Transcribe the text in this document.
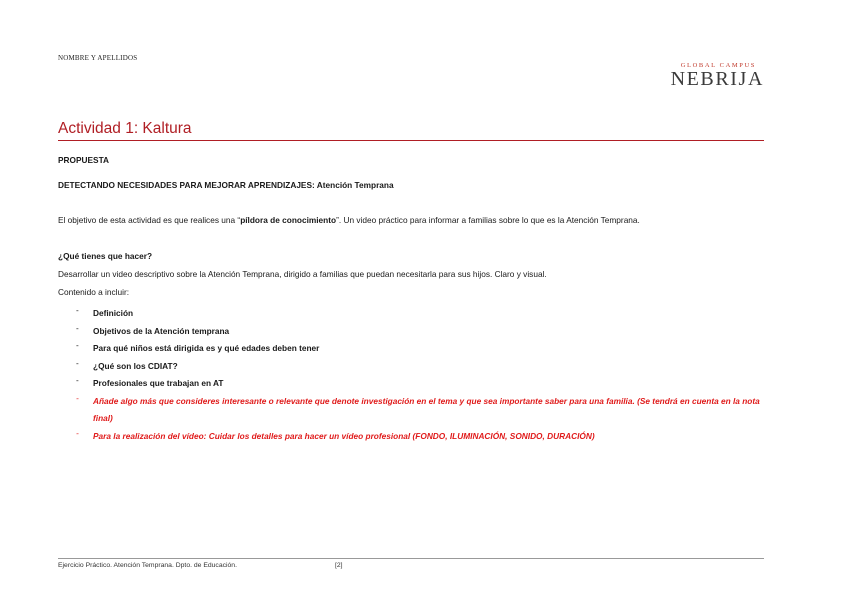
NOMBRE Y APELLIDOS
GLOBAL CAMPUS
NEBRIJA
Actividad 1: Kaltura
PROPUESTA
DETECTANDO NECESIDADES PARA MEJORAR APRENDIZAJES: Atención Temprana
El objetivo de esta actividad es que realices una “píldora de conocimiento”. Un video práctico para informar a familias sobre lo que es la Atención Temprana.
¿Qué tienes que hacer?
Desarrollar un video descriptivo sobre la Atención Temprana, dirigido a familias que puedan necesitarla para sus hijos. Claro y visual.
Contenido a incluir:
- Definición
- Objetivos de la Atención temprana
- Para qué niños está dirigida es y qué edades deben tener
- ¿Qué son los CDIAT?
- Profesionales que trabajan en AT
- Añade algo más que consideres interesante o relevante que denote investigación en el tema y que sea importante saber para una familia. (Se tendrá en cuenta en la nota final)
- Para la realización del vídeo: Cuidar los detalles para hacer un vídeo profesional (FONDO, ILUMINACIÓN, SONIDO, DURACIÓN)
Ejercicio Práctico. Atención Temprana. Dpto. de Educación.	[2]
